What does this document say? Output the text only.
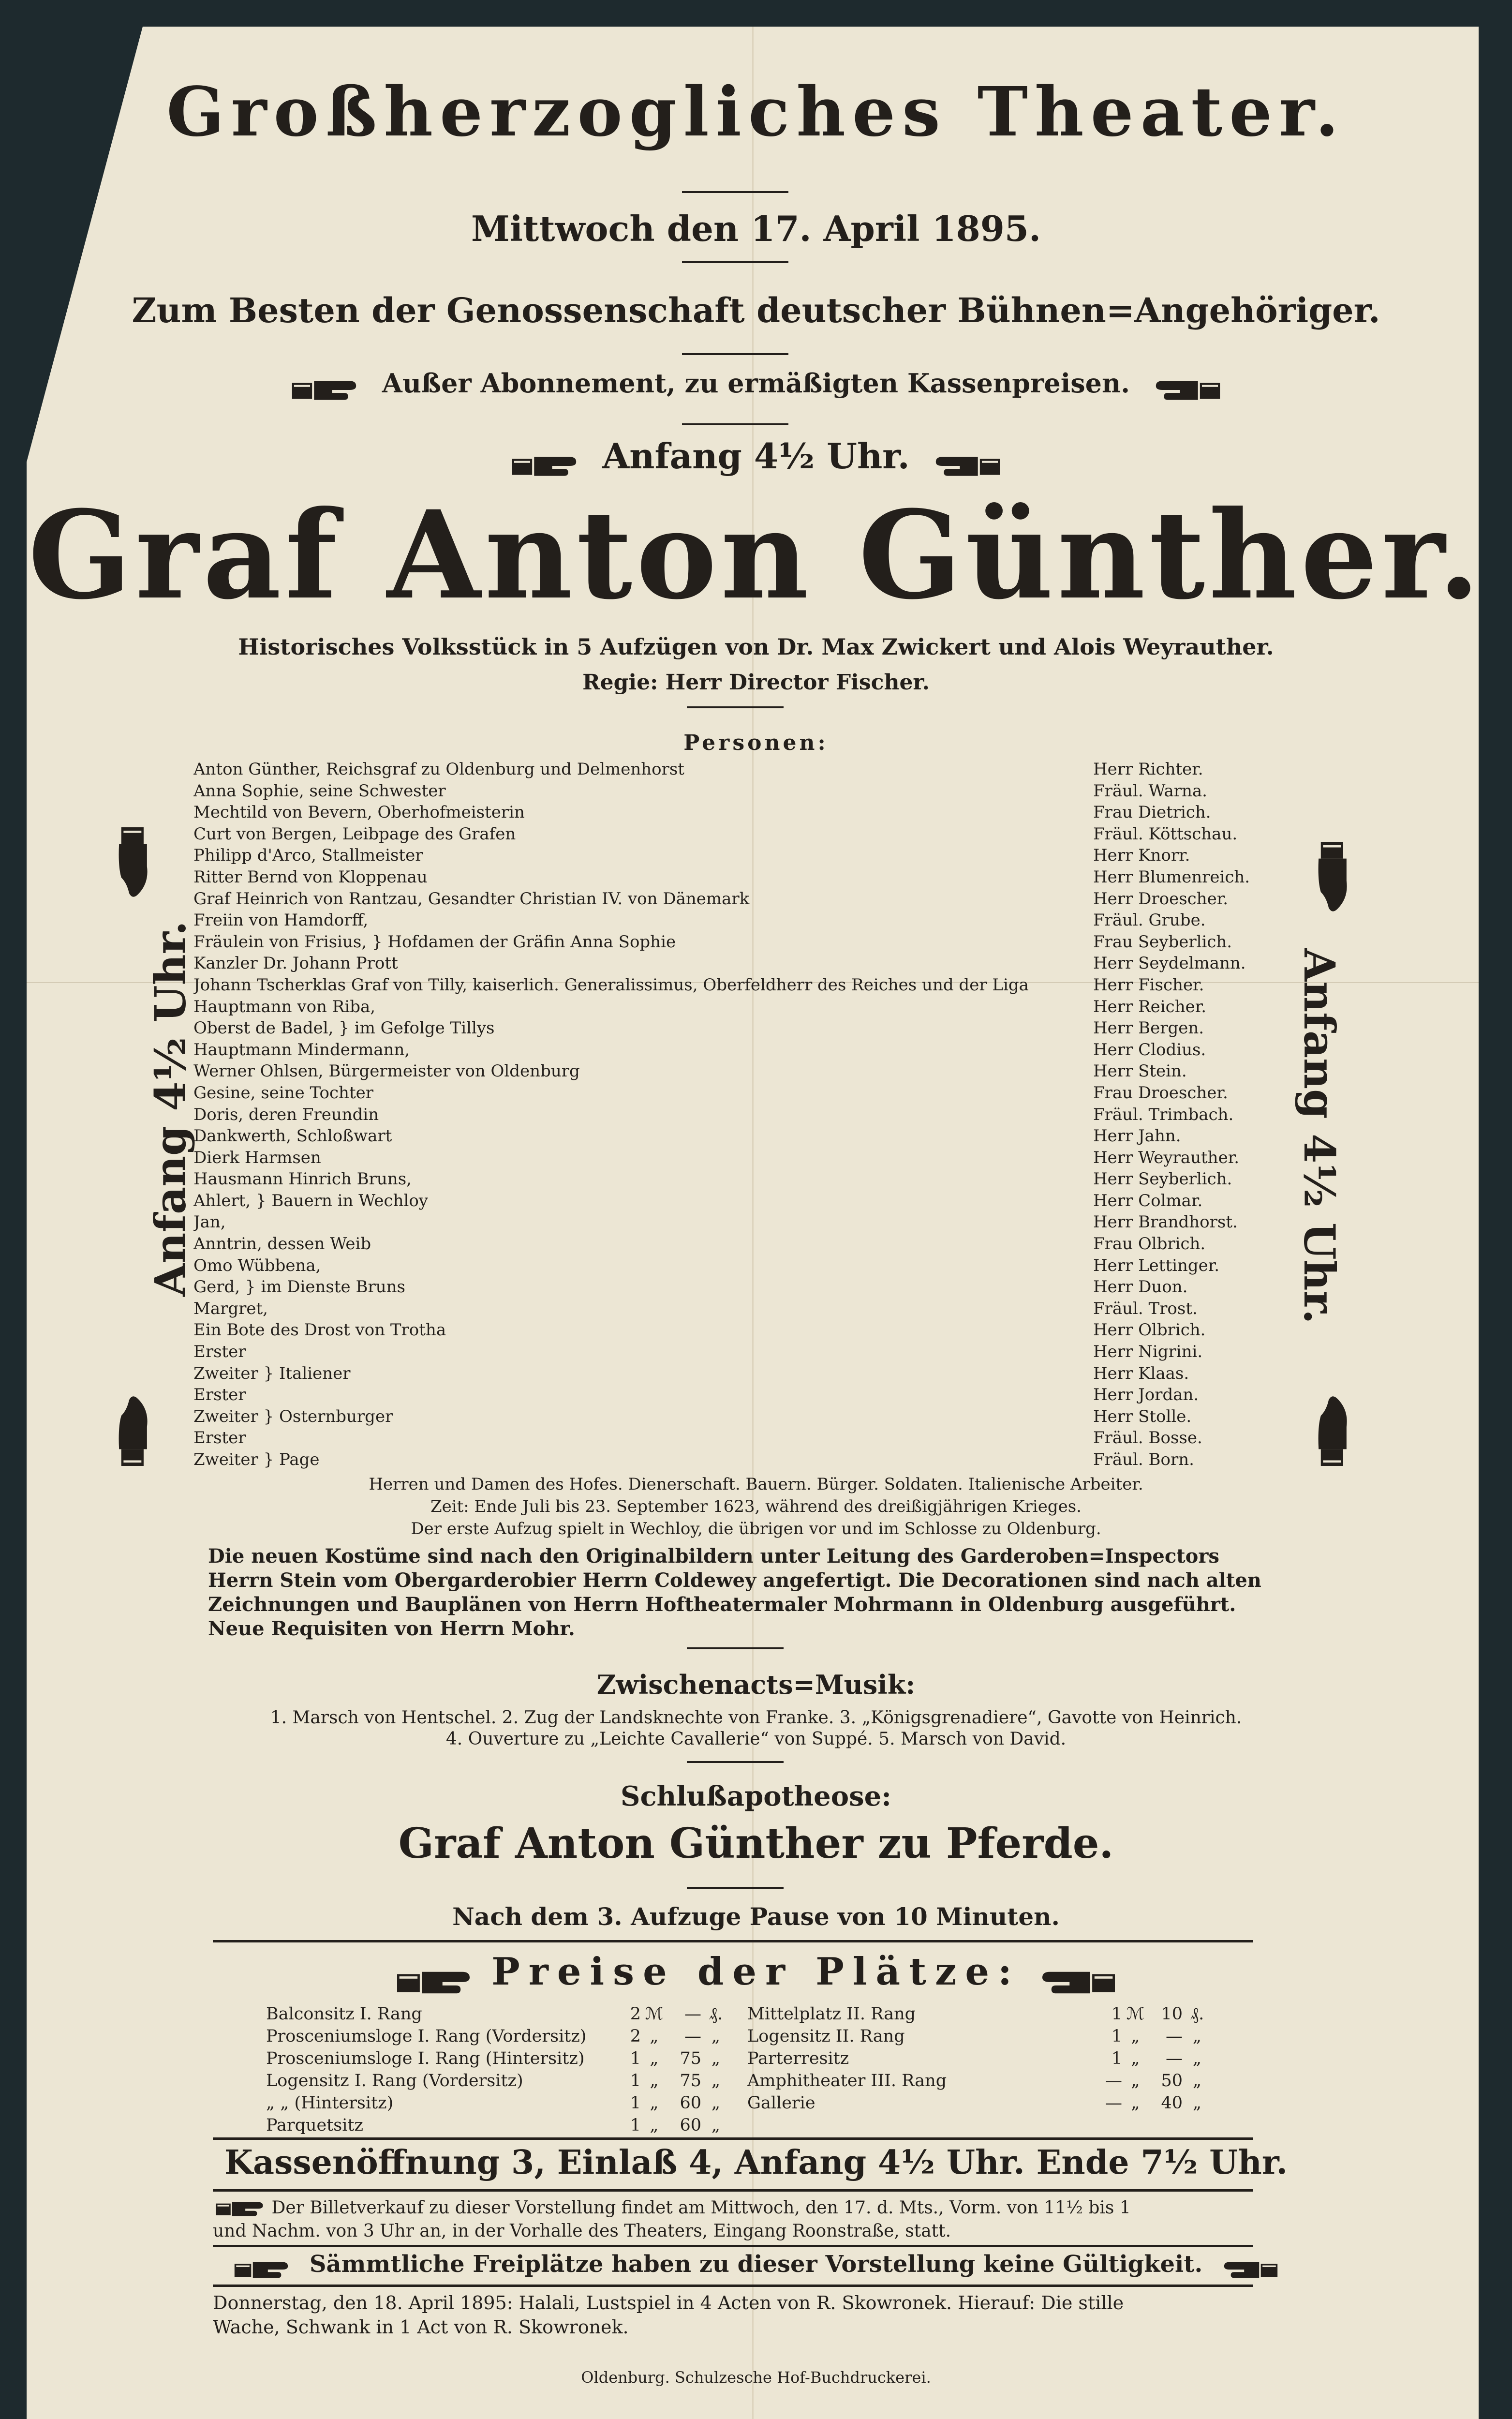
Großherzogliches Theater.
Mittwoch den 17. April 1895.
Zum Besten der Genossenschaft deutscher Bühnen=Angehöriger.
Außer Abonnement, zu ermäßigten Kassenpreisen.
Anfang 4½ Uhr.
Graf Anton Günther.
Historisches Volksstück in 5 Aufzügen von Dr. Max Zwickert und Alois Weyrauther.
Regie: Herr Director Fischer.
Anfang 4½ Uhr.	Anfang 4½ Uhr.
Personen:
Anton Günther, Reichsgraf zu Oldenburg und Delmenhorst	Herr Richter.
Anna Sophie, seine Schwester	Fräul. Warna.
Mechtild von Bevern, Oberhofmeisterin	Frau Dietrich.
Curt von Bergen, Leibpage des Grafen	Fräul. Köttschau.
Philipp d'Arco, Stallmeister	Herr Knorr.
Ritter Bernd von Kloppenau	Herr Blumenreich.
Graf Heinrich von Rantzau, Gesandter Christian IV. von Dänemark	Herr Droescher.
Freiin von Hamdorff,	Fräul. Grube.
Fräulein von Frisius, } Hofdamen der Gräfin Anna Sophie	Frau Seyberlich.
Kanzler Dr. Johann Prott	Herr Seydelmann.
Johann Tscherklas Graf von Tilly, kaiserlich. Generalissimus, Oberfeldherr des Reiches und der Liga	Herr Fischer.
Hauptmann von Riba,	Herr Reicher.
Oberst de Badel, } im Gefolge Tillys	Herr Bergen.
Hauptmann Mindermann,	Herr Clodius.
Werner Ohlsen, Bürgermeister von Oldenburg	Herr Stein.
Gesine, seine Tochter	Frau Droescher.
Doris, deren Freundin	Fräul. Trimbach.
Dankwerth, Schloßwart	Herr Jahn.
Dierk Harmsen	Herr Weyrauther.
Hausmann Hinrich Bruns,	Herr Seyberlich.
Ahlert, } Bauern in Wechloy	Herr Colmar.
Jan,	Herr Brandhorst.
Anntrin, dessen Weib	Frau Olbrich.
Omo Wübbena,	Herr Lettinger.
Gerd, } im Dienste Bruns	Herr Duon.
Margret,	Fräul. Trost.
Ein Bote des Drost von Trotha	Herr Olbrich.
Erster	Herr Nigrini.
Zweiter } Italiener	Herr Klaas.
Erster	Herr Jordan.
Zweiter } Osternburger	Herr Stolle.
Erster	Fräul. Bosse.
Zweiter } Page	Fräul. Born.
Herren und Damen des Hofes. Dienerschaft. Bauern. Bürger. Soldaten. Italienische Arbeiter.
Zeit: Ende Juli bis 23. September 1623, während des dreißigjährigen Krieges.
Der erste Aufzug spielt in Wechloy, die übrigen vor und im Schlosse zu Oldenburg.
Die neuen Kostüme sind nach den Originalbildern unter Leitung des Garderoben=Inspectors
Herrn Stein vom Obergarderobier Herrn Coldewey angefertigt. Die Decorationen sind nach alten
Zeichnungen und Bauplänen von Herrn Hoftheatermaler Mohrmann in Oldenburg ausgeführt.
Neue Requisiten von Herrn Mohr.
Zwischenacts=Musik:
1. Marsch von Hentschel. 2. Zug der Landsknechte von Franke. 3. „Königsgrenadiere“, Gavotte von Heinrich.
4. Ouverture zu „Leichte Cavallerie“ von Suppé. 5. Marsch von David.
Schlußapotheose:
Graf Anton Günther zu Pferde.
Nach dem 3. Aufzuge Pause von 10 Minuten.
Preise der Plätze:
Balconsitz I. Rang	2 ℳ	— ₰.
Prosceniumsloge I. Rang (Vordersitz)	2 „	— „
Prosceniumsloge I. Rang (Hintersitz)	1 „	75 „
Logensitz I. Rang (Vordersitz)	1 „	75 „
„ „ (Hintersitz)	1 „	60 „
Parquetsitz	1 „	60 „
Mittelplatz II. Rang	1 ℳ 10 ₰.
Logensitz II. Rang	1 „	— „
Parterresitz	1 „	— „
Amphitheater III. Rang	— „	50 „
Gallerie	— „	40 „
Kassenöffnung 3, Einlaß 4, Anfang 4½ Uhr. Ende 7½ Uhr.
Der Billetverkauf zu dieser Vorstellung findet am Mittwoch, den 17. d. Mts., Vorm. von 11½ bis 1
und Nachm. von 3 Uhr an, in der Vorhalle des Theaters, Eingang Roonstraße, statt.
Sämmtliche Freiplätze haben zu dieser Vorstellung keine Gültigkeit.
Donnerstag, den 18. April 1895: Halali, Lustspiel in 4 Acten von R. Skowronek. Hierauf: Die stille
Wache, Schwank in 1 Act von R. Skowronek.
Oldenburg. Schulzesche Hof-Buchdruckerei.
